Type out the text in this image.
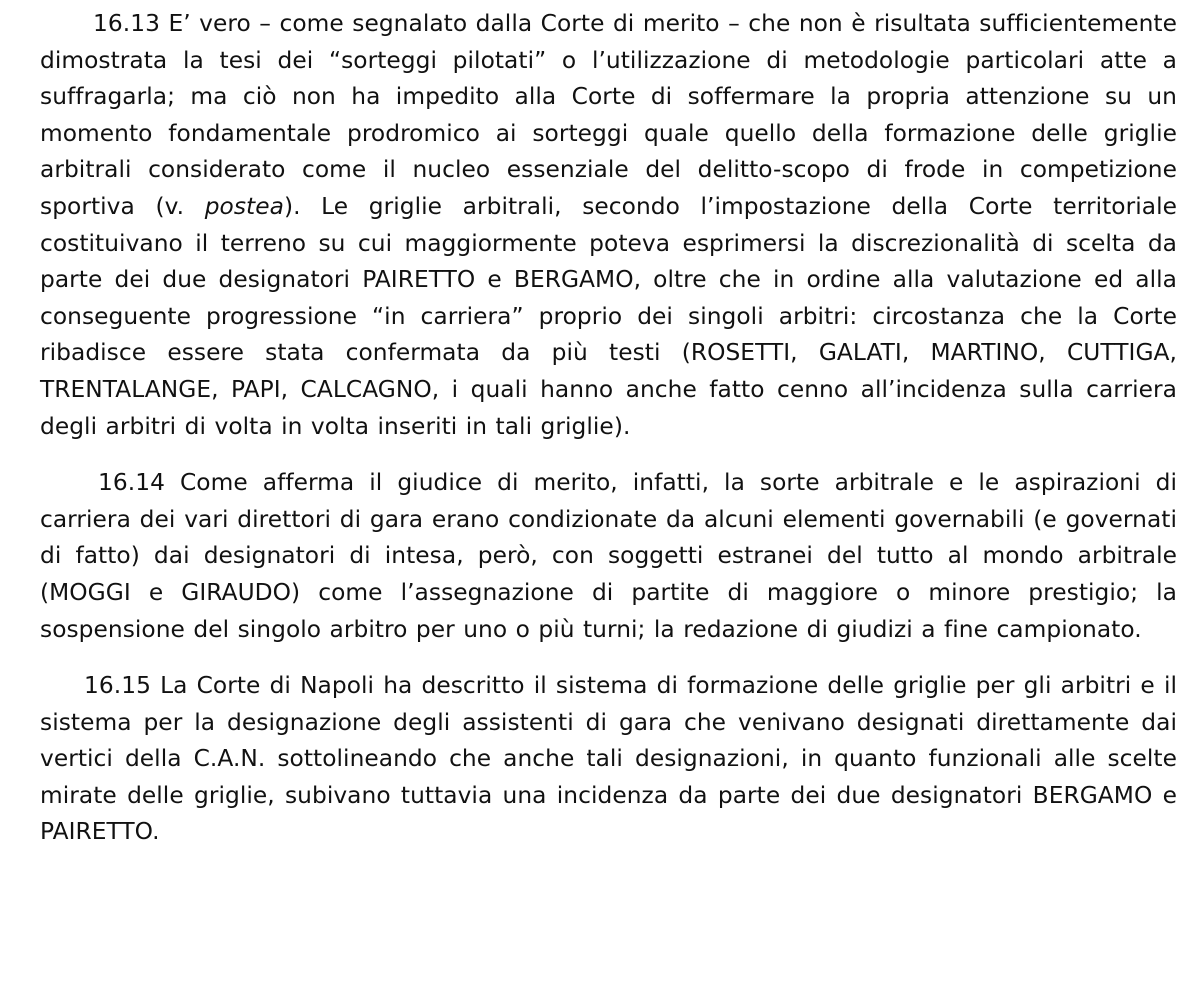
16.13 E’ vero – come segnalato dalla Corte di merito – che non è risultata sufficientemente dimostrata la tesi dei “sorteggi pilotati” o l’utilizzazione di metodologie particolari atte a suffragarla; ma ciò non ha impedito alla Corte di soffermare la propria attenzione su un momento fondamentale prodromico ai sorteggi quale quello della formazione delle griglie arbitrali considerato come il nucleo essenziale del delitto-scopo di frode in competizione sportiva (v. postea). Le griglie arbitrali, secondo l’impostazione della Corte territoriale costituivano il terreno su cui maggiormente poteva esprimersi la discrezionalità di scelta da parte dei due designatori PAIRETTO e BERGAMO, oltre che in ordine alla valutazione ed alla conseguente progressione “in carriera” proprio dei singoli arbitri: circostanza che la Corte ribadisce essere stata confermata da più testi (ROSETTI, GALATI, MARTINO, CUTTIGA, TRENTALANGE, PAPI, CALCAGNO, i quali hanno anche fatto cenno all’incidenza sulla carriera degli arbitri di volta in volta inseriti in tali griglie).

16.14 Come afferma il giudice di merito, infatti, la sorte arbitrale e le aspirazioni di carriera dei vari direttori di gara erano condizionate da alcuni elementi governabili (e governati di fatto) dai designatori di intesa, però, con soggetti estranei del tutto al mondo arbitrale (MOGGI e GIRAUDO) come l’assegnazione di partite di maggiore o minore prestigio; la sospensione del singolo arbitro per uno o più turni; la redazione di giudizi a fine campionato.

16.15 La Corte di Napoli ha descritto il sistema di formazione delle griglie per gli arbitri e il sistema per la designazione degli assistenti di gara che venivano designati direttamente dai vertici della C.A.N. sottolineando che anche tali designazioni, in quanto funzionali alle scelte mirate delle griglie, subivano tuttavia una incidenza da parte dei due designatori BERGAMO e PAIRETTO.
